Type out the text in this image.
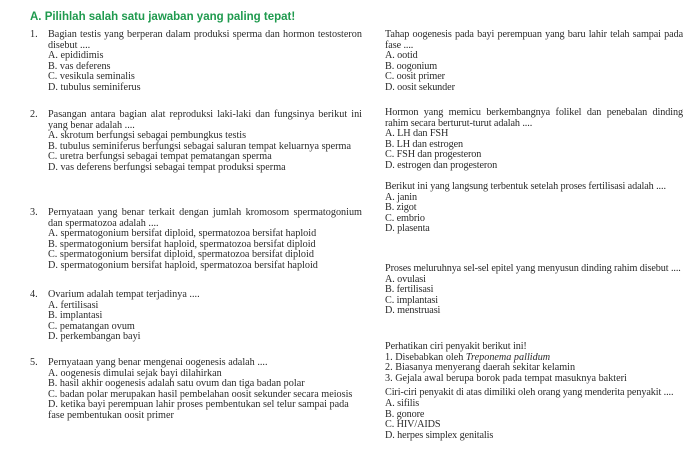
A. Pilihlah salah satu jawaban yang paling tepat!
1.	Bagian testis yang berperan dalam produksi sperma dan hormon testosteron disebut ....
A. epididimis
B. vas deferens
C. vesikula seminalis
D. tubulus seminiferus
2.	Pasangan antara bagian alat reproduksi laki-laki dan fungsinya berikut ini yang benar adalah ....
A. skrotum berfungsi sebagai pembungkus testis
B. tubulus seminiferus berfungsi sebagai saluran tempat keluarnya sperma
C. uretra berfungsi sebagai tempat pematangan sperma
D. vas deferens berfungsi sebagai tempat produksi sperma
3.	Pernyataan yang benar terkait dengan jumlah kromosom spermatogonium dan spermatozoa adalah ....
A. spermatogonium bersifat diploid, spermatozoa bersifat haploid
B. spermatogonium bersifat haploid, spermatozoa bersifat diploid
C. spermatogonium bersifat diploid, spermatozoa bersifat diploid
D. spermatogonium bersifat haploid, spermatozoa bersifat haploid
4.	Ovarium adalah tempat terjadinya ....
A. fertilisasi
B. implantasi
C. pematangan ovum
D. perkembangan bayi
5.	Pernyataan yang benar mengenai oogenesis adalah ....
A. oogenesis dimulai sejak bayi dilahirkan
B. hasil akhir oogenesis adalah satu ovum dan tiga badan polar
C. badan polar merupakan hasil pembelahan oosit sekunder secara meiosis
D. ketika bayi perempuan lahir proses pembentukan sel telur sampai pada fase pembentukan oosit primer
Tahap oogenesis pada bayi perempuan yang baru lahir telah sampai pada fase ....
A. ootid
B. oogonium
C. oosit primer
D. oosit sekunder
Hormon yang memicu berkembangnya folikel dan penebalan dinding rahim secara berturut-turut adalah ....
A. LH dan FSH
B. LH dan estrogen
C. FSH dan progesteron
D. estrogen dan progesteron
Berikut ini yang langsung terbentuk setelah proses fertilisasi adalah ....
A. janin
B. zigot
C. embrio
D. plasenta
Proses meluruhnya sel-sel epitel yang menyusun dinding rahim disebut ....
A. ovulasi
B. fertilisasi
C. implantasi
D. menstruasi
Perhatikan ciri penyakit berikut ini!
1. Disebabkan oleh Treponema pallidum
2. Biasanya menyerang daerah sekitar kelamin
3. Gejala awal berupa borok pada tempat masuknya bakteri
Ciri-ciri penyakit di atas dimiliki oleh orang yang menderita penyakit ....
A. sifilis
B. gonore
C. HIV/AIDS
D. herpes simplex genitalis
